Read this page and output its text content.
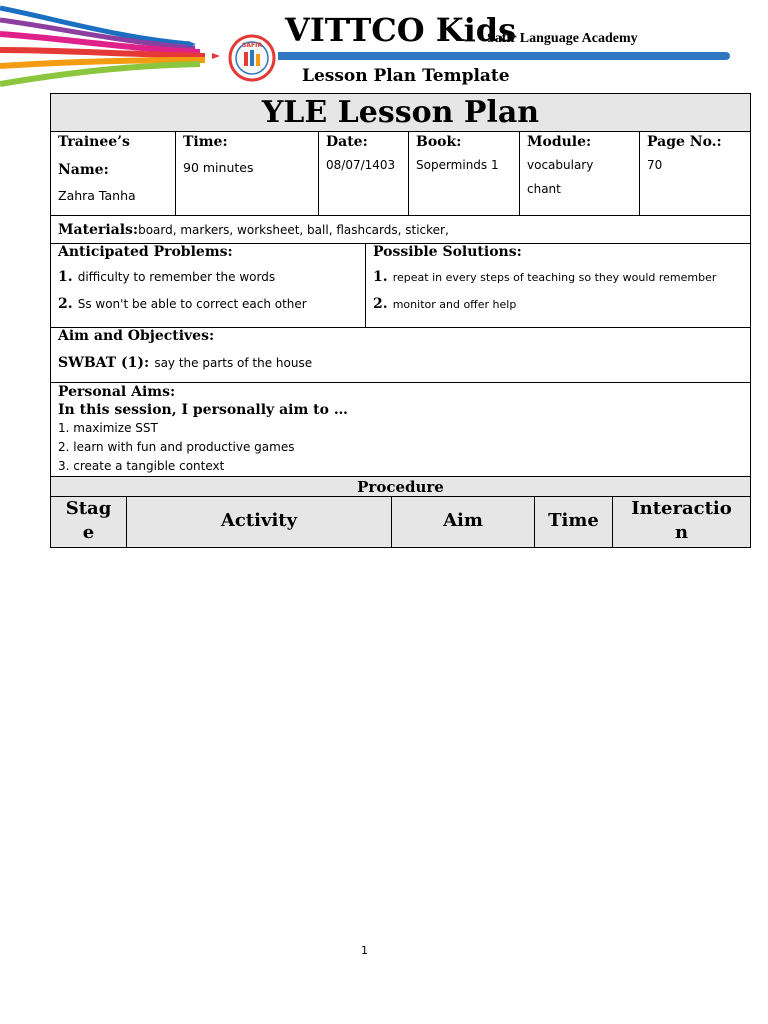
SAFIR VITTCO Kids
Safir Language Academy
Lesson Plan Template
YLE Lesson Plan
Trainee’s
Name:
Zahra Tanha
Time:
90 minutes
Date:
08/07/1403
Book:
Soperminds 1
Module:
vocabulary
chant
Page No.:
70
Materials: board, markers, worksheet, ball, flashcards, sticker,
Anticipated Problems:
1. difficulty to remember the words
2. Ss won't be able to correct each other
Possible Solutions:
1. repeat in every steps of teaching so they would remember
2. monitor and offer help
Aim and Objectives:
SWBAT (1): say the parts of the house
Personal Aims:
In this session, I personally aim to …
1. maximize SST
2. learn with fun and productive games
3. create a tangible context
Procedure
Stag
e
Activity	Aim	Time
Interactio
n
1
